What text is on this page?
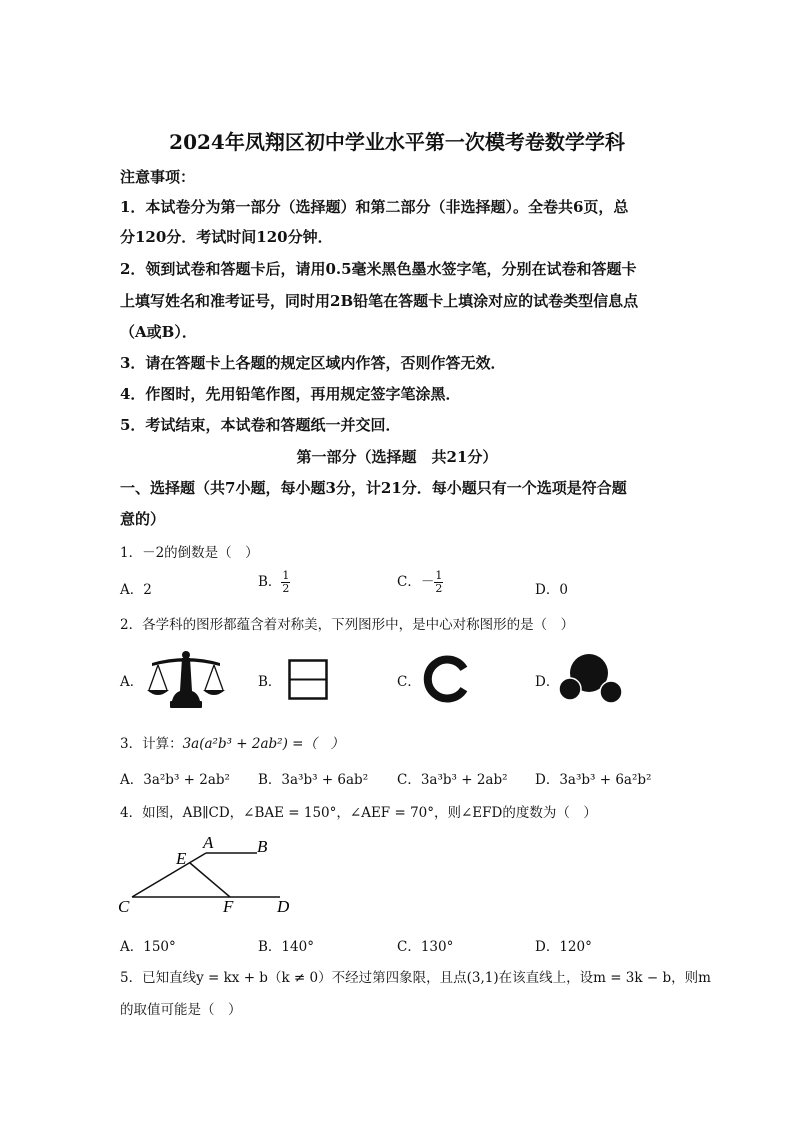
2024年凤翔区初中学业水平第一次模考卷数学学科
注意事项：
1．本试卷分为第一部分（选择题）和第二部分（非选择题）。全卷共6页，总
分120分．考试时间120分钟．
2．领到试卷和答题卡后，请用0.5毫米黑色墨水签字笔，分别在试卷和答题卡
上填写姓名和准考证号，同时用2B铅笔在答题卡上填涂对应的试卷类型信息点
（A或B）．
3．请在答题卡上各题的规定区域内作答，否则作答无效．
4．作图时，先用铅笔作图，再用规定签字笔涂黑．
5．考试结束，本试卷和答题纸一并交回．
第一部分（选择题　共21分）
一、选择题（共7小题，每小题3分，计21分．每小题只有一个选项是符合题
意的）
1．－2的倒数是（　）
A．2	B． $\frac{1}{2}$	C．－ $\frac{1}{2}$	D．0
2．各学科的图形都蕴含着对称美，下列图形中，是中心对称图形的是（　）
A．	B．	C．	D．
3．计算：3a(a²b³ + 2ab²) =（　）
A．3a²b³ + 2ab² B．3a³b³ + 6ab² C．3a³b³ + 2ab² D．3a³b³ + 6a²b²
4．如图，AB∥CD，∠BAE = 150°，∠AEF = 70°，则∠EFD的度数为（　）
A	B
E
C	F	D
A．150°	B．140°	C．130°	D．120°
5．已知直线y = kx + b（k ≠ 0）不经过第四象限，且点(3,1)在该直线上，设m = 3k − b，则m
的取值可能是（　）
